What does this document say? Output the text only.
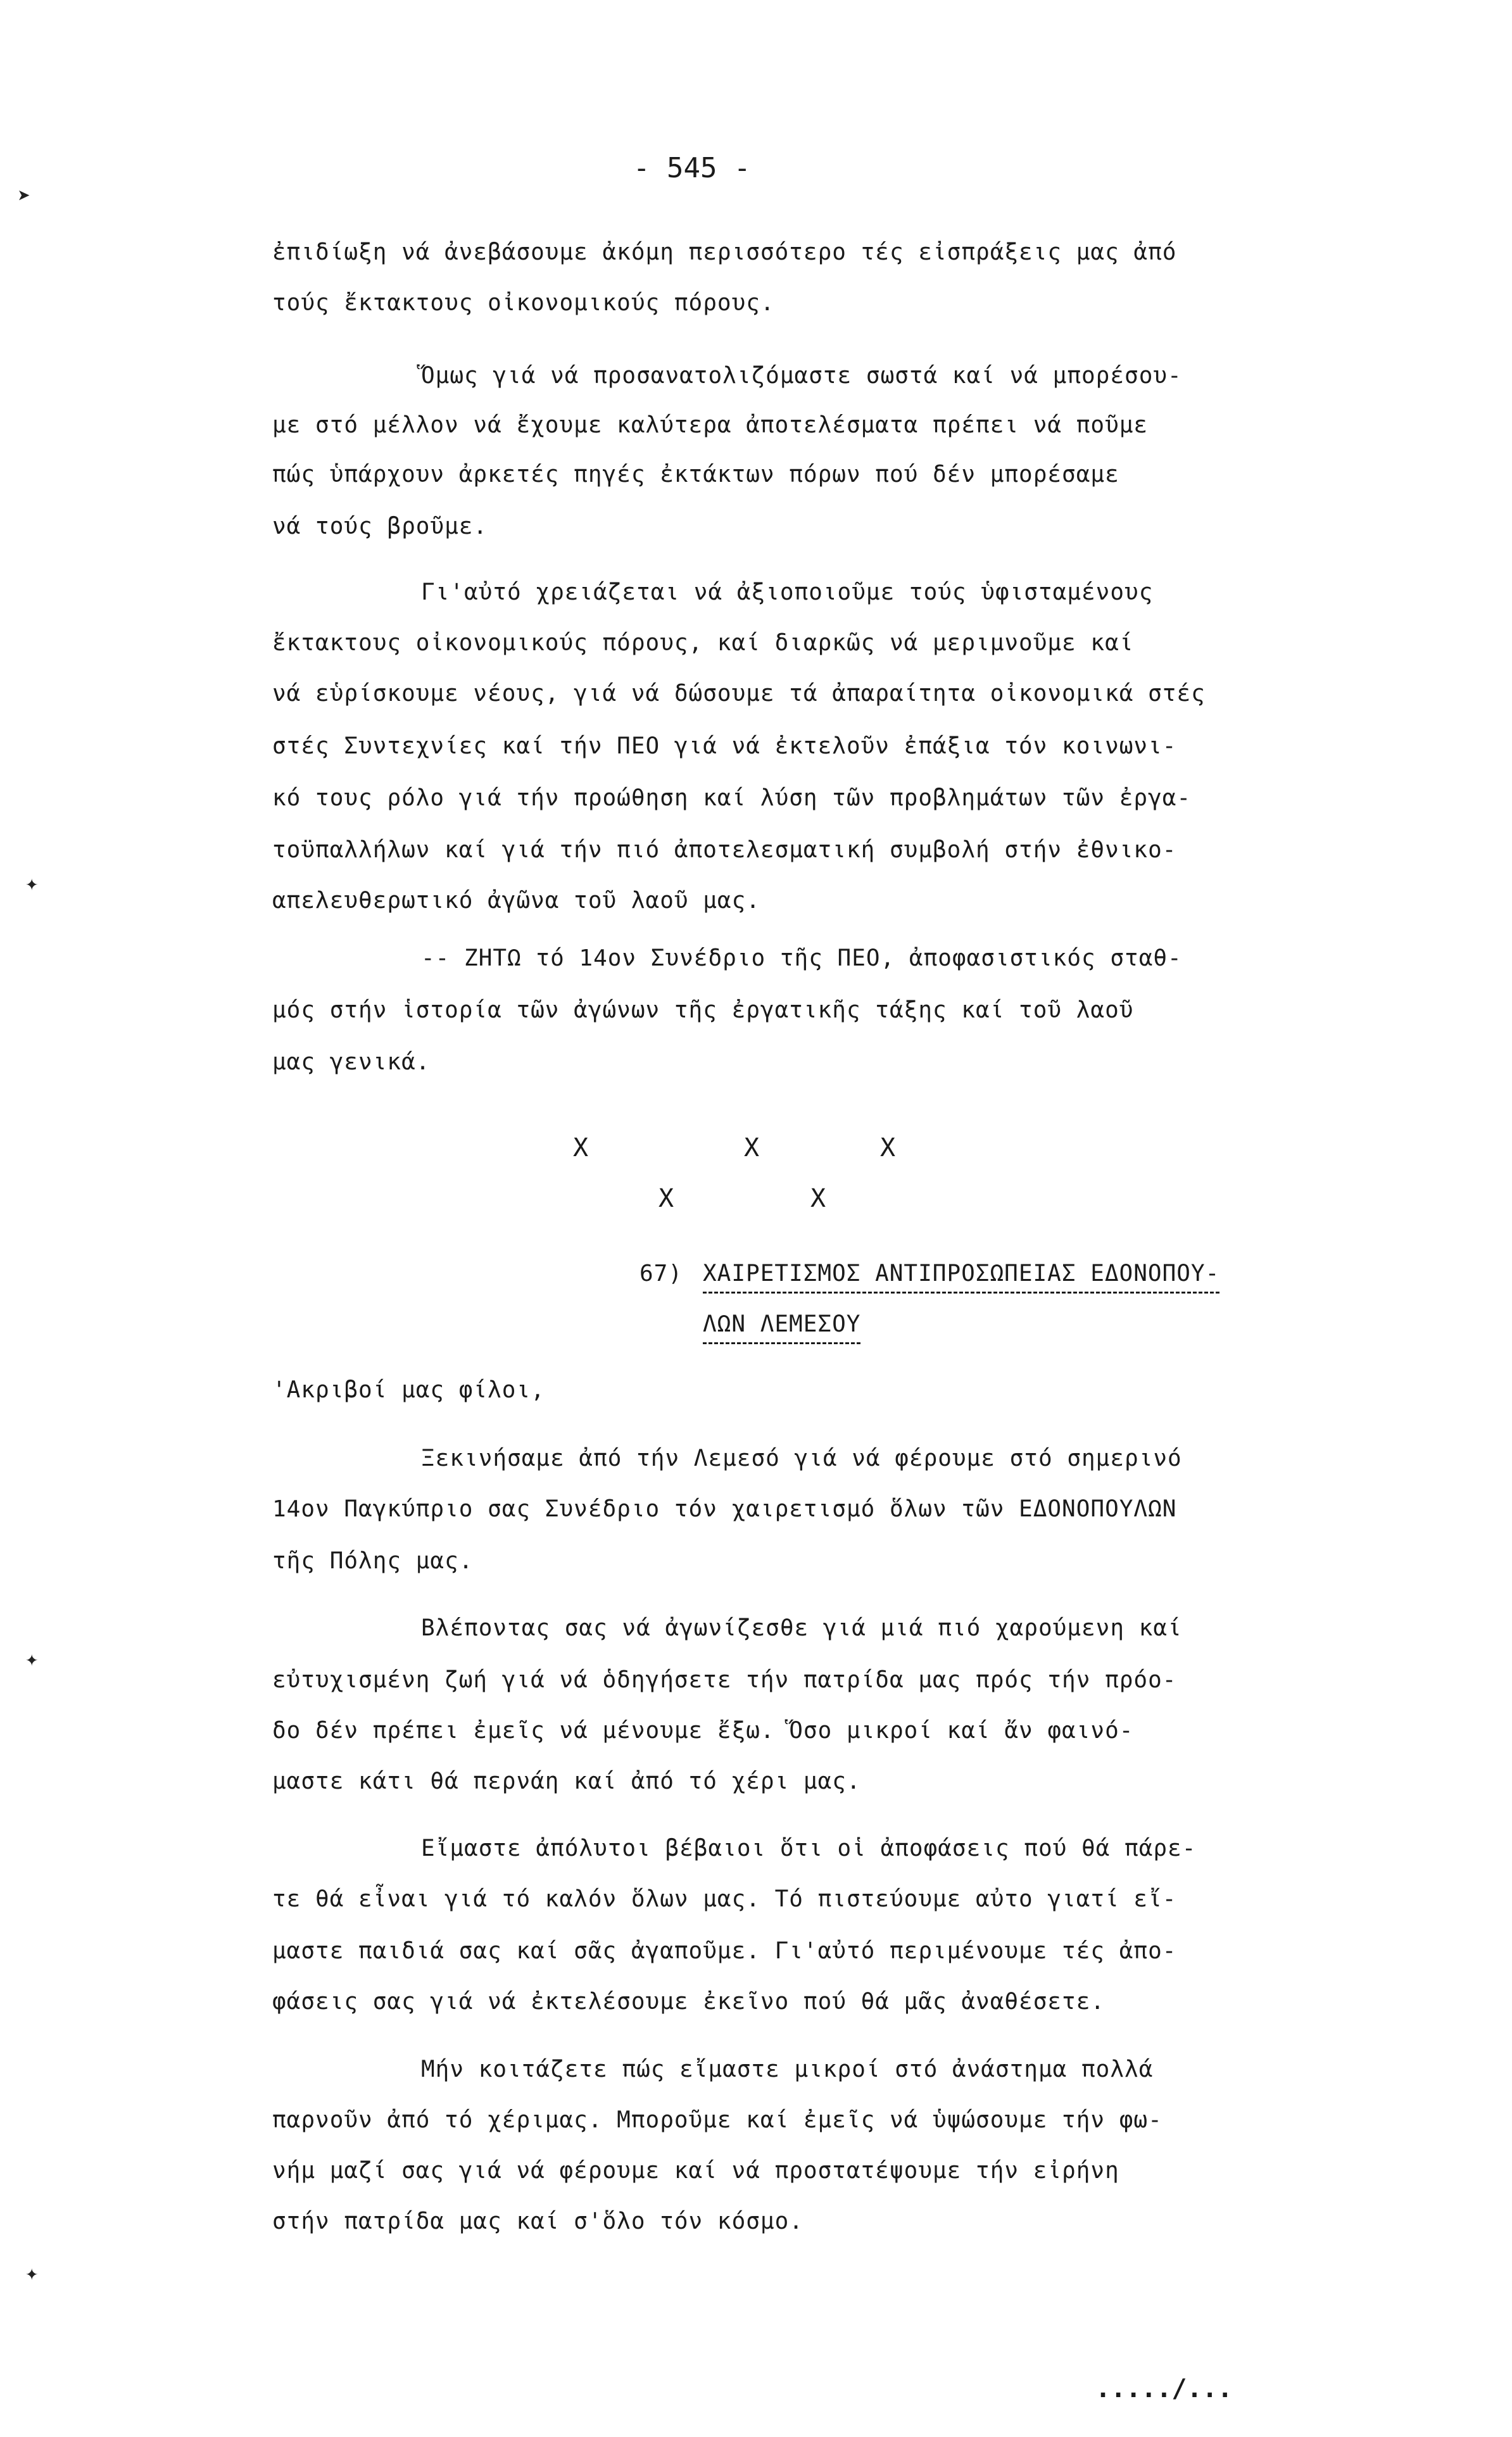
➤
✦
✦
✦
- 545 -
ἐπιδίωξη νά ἀνεβάσουμε ἀκόμη περισσότερο τές εἰσπράξεις μας ἀπό
τούς ἔκτακτους οἰκονομικούς πόρους.
Ὅμως γιά νά προσανατολιζόμαστε σωστά καί νά μπορέσου-
με στό μέλλον νά ἔχουμε καλύτερα ἀποτελέσματα πρέπει νά ποῦμε
πώς ὑπάρχουν ἀρκετές πηγές ἐκτάκτων πόρων πού δέν μπορέσαμε
νά τούς βροῦμε.
Γι'αὐτό χρειάζεται νά ἀξιοποιοῦμε τούς ὑφισταμένους
ἔκτακτους οἰκονομικούς πόρους, καί διαρκῶς νά μεριμνοῦμε καί
νά εὑρίσκουμε νέους, γιά νά δώσουμε τά ἀπαραίτητα οἰκονομικά στές
στές Συντεχνίες καί τήν ΠΕΟ γιά νά ἐκτελοῦν ἐπάξια τόν κοινωνι-
κό τους ρόλο γιά τήν προώθηση καί λύση τῶν προβλημάτων τῶν ἐργα-
τοϋπαλλήλων καί γιά τήν πιό ἀποτελεσματική συμβολή στήν ἐθνικο-
απελευθερωτικό ἀγῶνα τοῦ λαοῦ μας.
-- ΖΗΤΩ τό 14ον Συνέδριο τῆς ΠΕΟ, ἀποφασιστικός σταθ-
μός στήν ἱστορία τῶν ἀγώνων τῆς ἐργατικῆς τάξης καί τοῦ λαοῦ
μας γενικά.
Χ	Χ	Χ
Χ	Χ
67) ΧΑΙΡΕΤΙΣΜΟΣ ΑΝΤΙΠΡΟΣΩΠΕΙΑΣ ΕΔΟΝΟΠΟΥ-
ΛΩΝ ΛΕΜΕΣΟΥ
'Ακριβοί μας φίλοι,
Ξεκινήσαμε ἀπό τήν Λεμεσό γιά νά φέρουμε στό σημερινό
14ον Παγκύπριο σας Συνέδριο τόν χαιρετισμό ὅλων τῶν ΕΔΟΝΟΠΟΥΛΩΝ
τῆς Πόλης μας.
Βλέποντας σας νά ἀγωνίζεσθε γιά μιά πιό χαρούμενη καί
εὐτυχισμένη ζωή γιά νά ὁδηγήσετε τήν πατρίδα μας πρός τήν πρόο-
δο δέν πρέπει ἐμεῖς νά μένουμε ἔξω. Ὅσο μικροί καί ἄν φαινό-
μαστε κάτι θά περνάη καί ἀπό τό χέρι μας.
Εἴμαστε ἀπόλυτοι βέβαιοι ὅτι οἱ ἀποφάσεις πού θά πάρε-
τε θά εἶναι γιά τό καλόν ὅλων μας. Τό πιστεύουμε αὐτο γιατί εἴ-
μαστε παιδιά σας καί σᾶς ἀγαποῦμε. Γι'αὐτό περιμένουμε τές ἀπο-
φάσεις σας γιά νά ἐκτελέσουμε ἐκεῖνο πού θά μᾶς ἀναθέσετε.
Μήν κοιτάζετε πώς εἴμαστε μικροί στό ἀνάστημα πολλά
παρνοῦν ἀπό τό χέριμας. Μποροῦμε καί ἐμεῖς νά ὑψώσουμε τήν φω-
νήμ μαζί σας γιά νά φέρουμε καί νά προστατέψουμε τήν εἰρήνη
στήν πατρίδα μας καί σ'ὅλο τόν κόσμο.
...../...
